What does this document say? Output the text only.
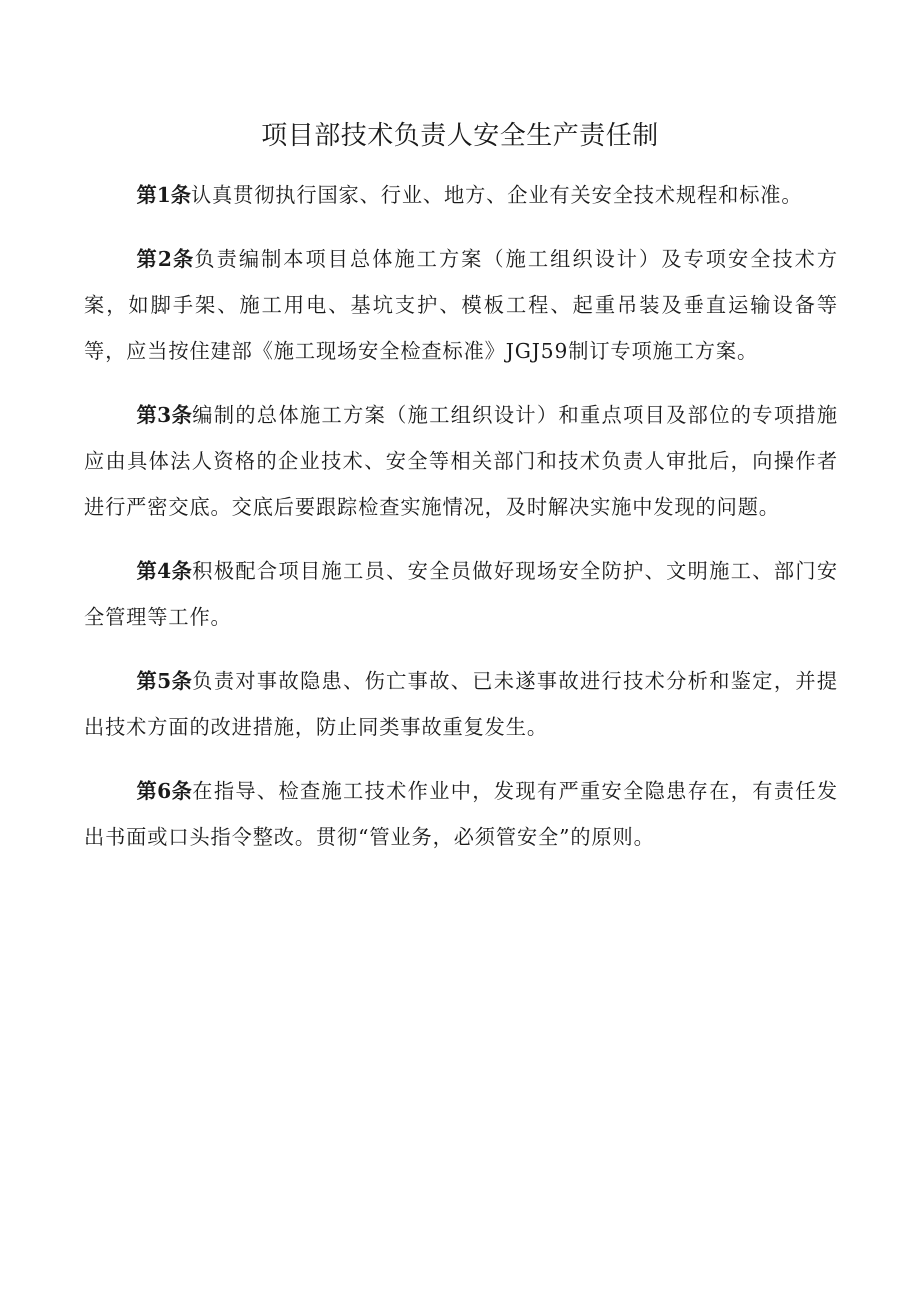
项目部技术负责人安全生产责任制

第1条认真贯彻执行国家、行业、地方、企业有关安全技术规程和标准。

第2条负责编制本项目总体施工方案（施工组织设计）及专项安全技术方案，如脚手架、施工用电、基坑支护、模板工程、起重吊装及垂直运输设备等等，应当按住建部《施工现场安全检查标准》JGJ59制订专项施工方案。

第3条编制的总体施工方案（施工组织设计）和重点项目及部位的专项措施应由具体法人资格的企业技术、安全等相关部门和技术负责人审批后，向操作者进行严密交底。交底后要跟踪检查实施情况，及时解决实施中发现的问题。

第4条积极配合项目施工员、安全员做好现场安全防护、文明施工、部门安全管理等工作。

第5条负责对事故隐患、伤亡事故、已未遂事故进行技术分析和鉴定，并提出技术方面的改进措施，防止同类事故重复发生。

第6条在指导、检查施工技术作业中，发现有严重安全隐患存在，有责任发出书面或口头指令整改。贯彻“管业务，必须管安全”的原则。
